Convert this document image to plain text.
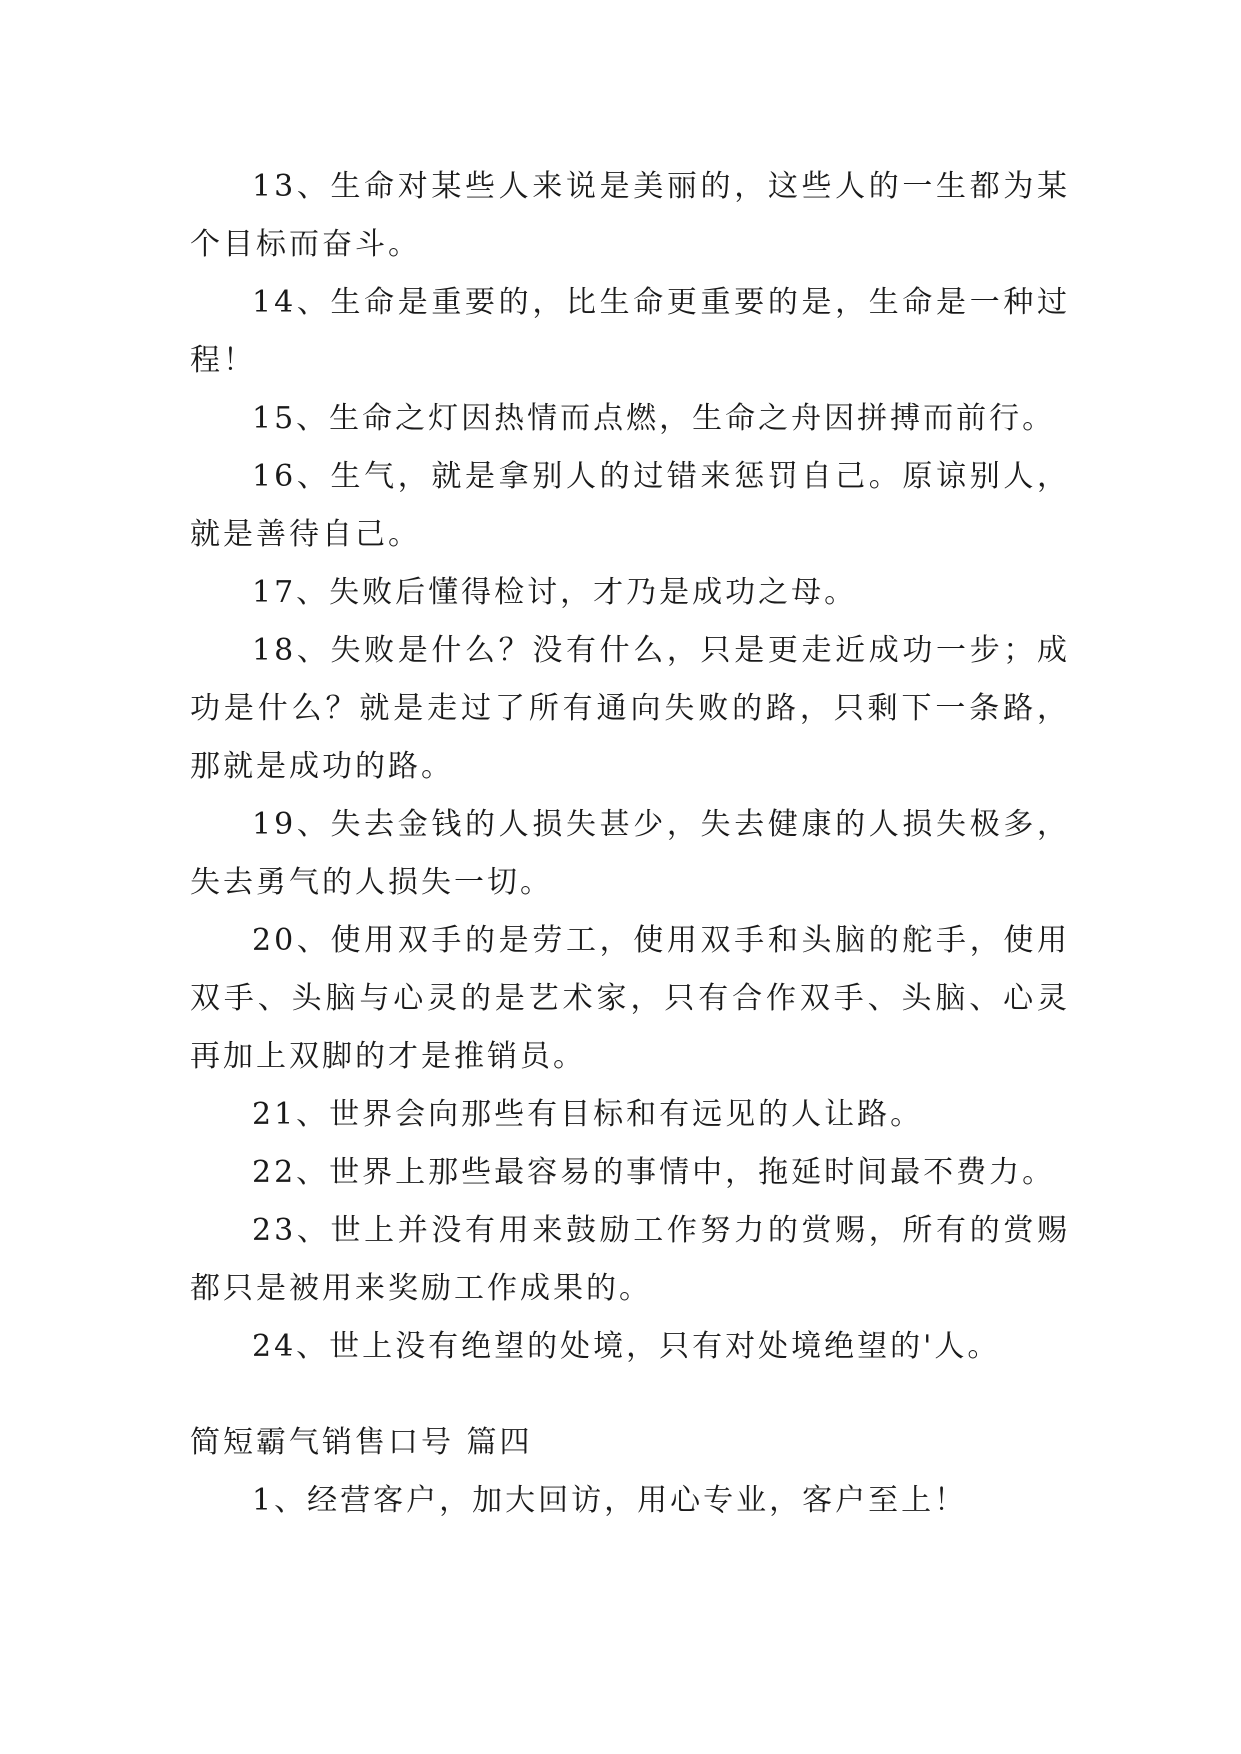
13、生命对某些人来说是美丽的，这些人的一生都为某个目标而奋斗。

14、生命是重要的，比生命更重要的是，生命是一种过程！

15、生命之灯因热情而点燃，生命之舟因拼搏而前行。

16、生气，就是拿别人的过错来惩罚自己。原谅别人，就是善待自己。

17、失败后懂得检讨，才乃是成功之母。

18、失败是什么？没有什么，只是更走近成功一步；成功是什么？就是走过了所有通向失败的路，只剩下一条路，那就是成功的路。

19、失去金钱的人损失甚少，失去健康的人损失极多，失去勇气的人损失一切。

20、使用双手的是劳工，使用双手和头脑的舵手，使用双手、头脑与心灵的是艺术家，只有合作双手、头脑、心灵再加上双脚的才是推销员。

21、世界会向那些有目标和有远见的人让路。

22、世界上那些最容易的事情中，拖延时间最不费力。

23、世上并没有用来鼓励工作努力的赏赐，所有的赏赐都只是被用来奖励工作成果的。

24、世上没有绝望的处境，只有对处境绝望的'人。

简短霸气销售口号 篇四

1、经营客户，加大回访，用心专业，客户至上！
